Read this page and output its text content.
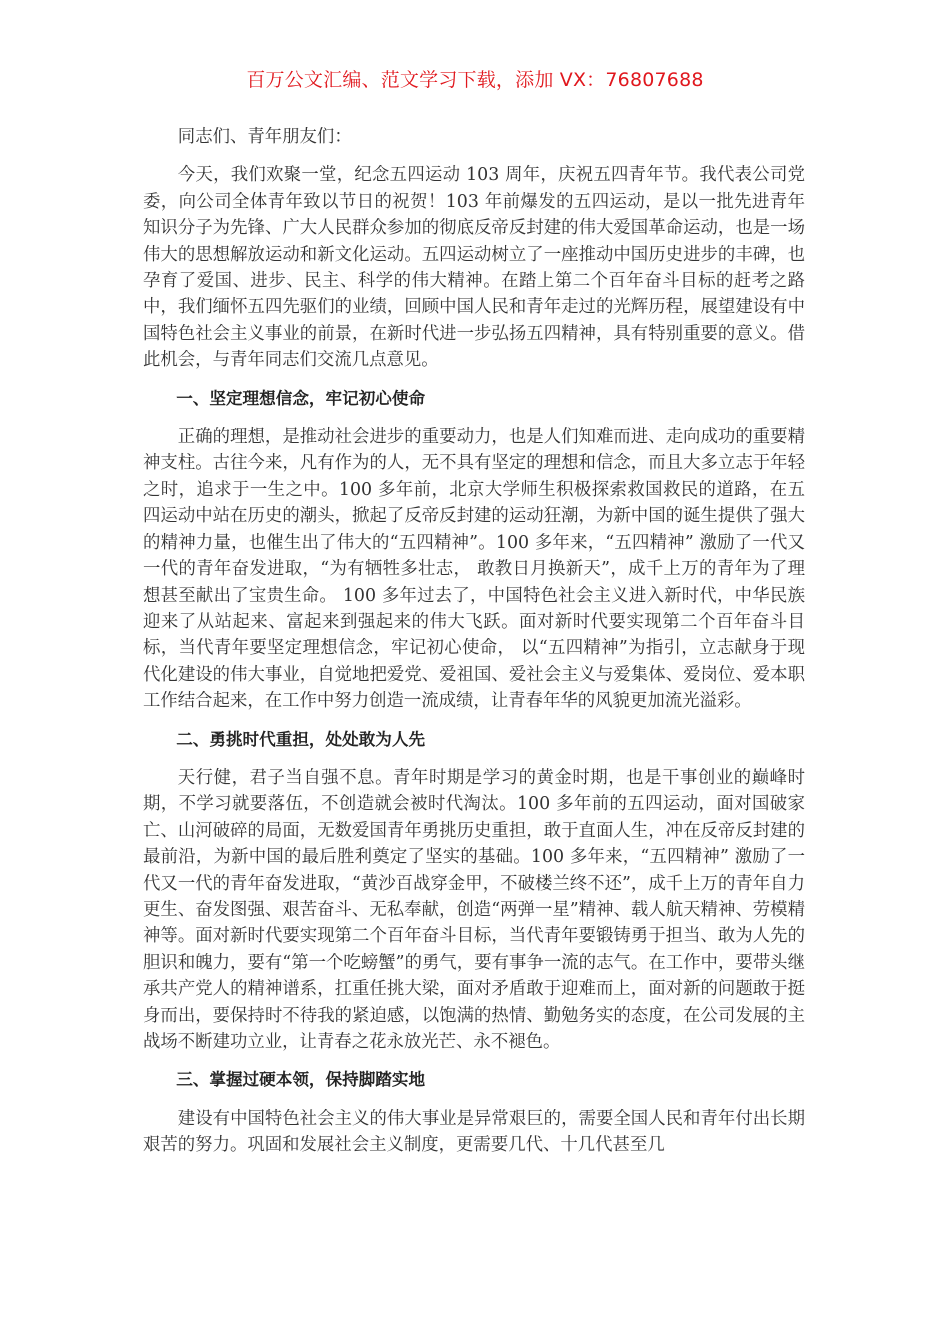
百万公文汇编、范文学习下载，添加 VX：76807688

同志们、青年朋友们：

今天，我们欢聚一堂，纪念五四运动 103 周年，庆祝五四青年节。我代表公司党委，向公司全体青年致以节日的祝贺！103 年前爆发的五四运动，是以一批先进青年知识分子为先锋、广大人民群众参加的彻底反帝反封建的伟大爱国革命运动，也是一场伟大的思想解放运动和新文化运动。五四运动树立了一座推动中国历史进步的丰碑，也孕育了爱国、进步、民主、科学的伟大精神。在踏上第二个百年奋斗目标的赶考之路中，我们缅怀五四先驱们的业绩，回顾中国人民和青年走过的光辉历程，展望建设有中国特色社会主义事业的前景，在新时代进一步弘扬五四精神，具有特别重要的意义。借此机会，与青年同志们交流几点意见。

一、坚定理想信念，牢记初心使命

正确的理想，是推动社会进步的重要动力，也是人们知难而进、走向成功的重要精神支柱。古往今来，凡有作为的人，无不具有坚定的理想和信念，而且大多立志于年轻之时，追求于一生之中。100 多年前，北京大学师生积极探索救国救民的道路，在五四运动中站在历史的潮头，掀起了反帝反封建的运动狂潮，为新中国的诞生提供了强大的精神力量，也催生出了伟大的“五四精神”。100 多年来，“五四精神” 激励了一代又一代的青年奋发进取，“为有牺牲多壮志， 敢教日月换新天”，成千上万的青年为了理想甚至献出了宝贵生命。 100 多年过去了，中国特色社会主义进入新时代，中华民族迎来了从站起来、富起来到强起来的伟大飞跃。面对新时代要实现第二个百年奋斗目标，当代青年要坚定理想信念，牢记初心使命， 以“五四精神”为指引，立志献身于现代化建设的伟大事业，自觉地把爱党、爱祖国、爱社会主义与爱集体、爱岗位、爱本职工作结合起来，在工作中努力创造一流成绩，让青春年华的风貌更加流光溢彩。

二、勇挑时代重担，处处敢为人先

天行健，君子当自强不息。青年时期是学习的黄金时期，也是干事创业的巅峰时期，不学习就要落伍，不创造就会被时代淘汰。100 多年前的五四运动，面对国破家亡、山河破碎的局面，无数爱国青年勇挑历史重担，敢于直面人生，冲在反帝反封建的最前沿，为新中国的最后胜利奠定了坚实的基础。100 多年来，“五四精神” 激励了一代又一代的青年奋发进取，“黄沙百战穿金甲，不破楼兰终不还”，成千上万的青年自力更生、奋发图强、艰苦奋斗、无私奉献，创造“两弹一星”精神、载人航天精神、劳模精神等。面对新时代要实现第二个百年奋斗目标，当代青年要锻铸勇于担当、敢为人先的胆识和魄力，要有“第一个吃螃蟹”的勇气，要有事争一流的志气。在工作中，要带头继承共产党人的精神谱系，扛重任挑大梁，面对矛盾敢于迎难而上，面对新的问题敢于挺身而出，要保持时不待我的紧迫感，以饱满的热情、勤勉务实的态度，在公司发展的主战场不断建功立业，让青春之花永放光芒、永不褪色。

三、掌握过硬本领，保持脚踏实地

建设有中国特色社会主义的伟大事业是异常艰巨的，需要全国人民和青年付出长期艰苦的努力。巩固和发展社会主义制度，更需要几代、十几代甚至几
